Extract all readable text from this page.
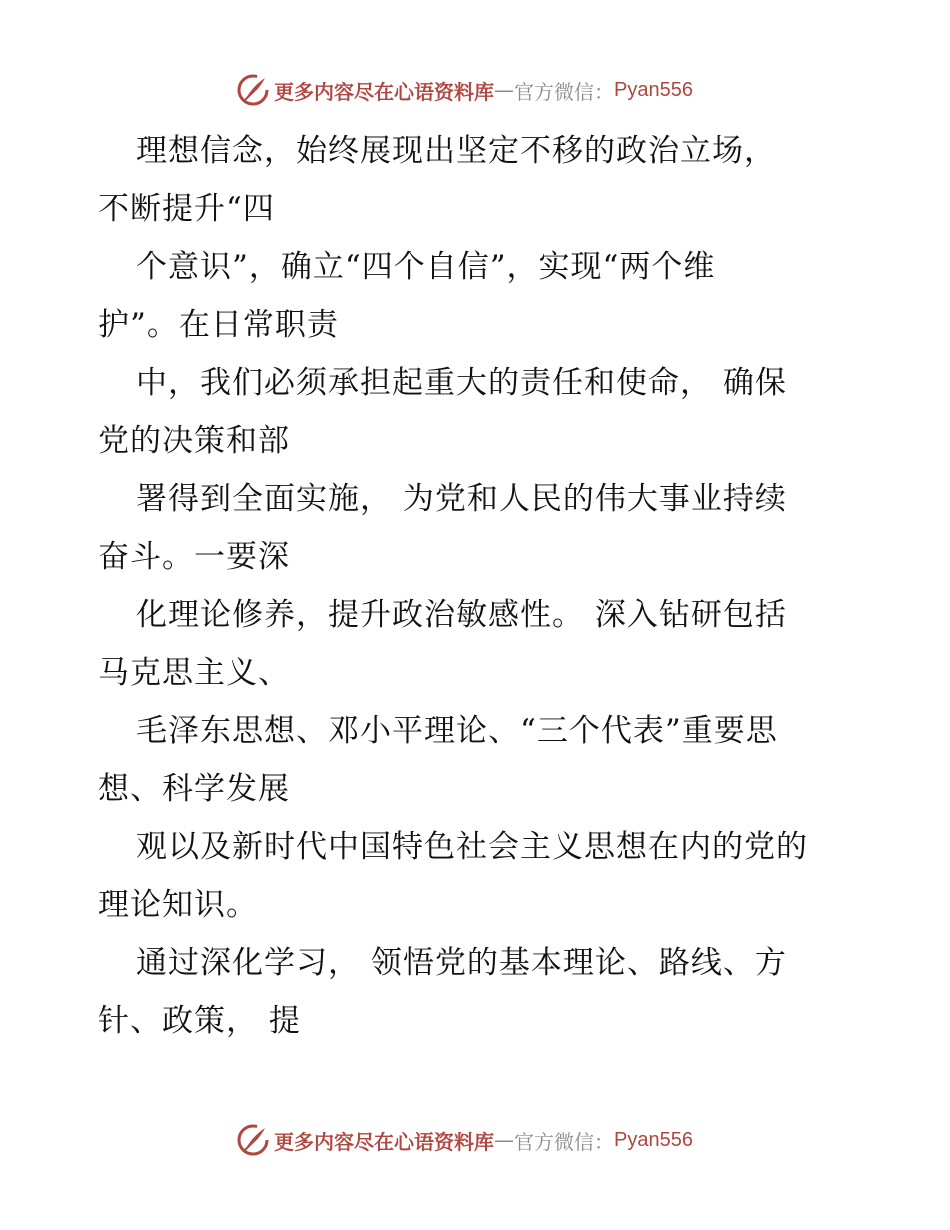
更多内容尽在心语资料库 — 官方微信： Pyan556
理想信念，始终展现出坚定不移的政治立场，
不断提升“四
个意识”，确立“四个自信”，实现“两个维
护”。在日常职责
中，我们必须承担起重大的责任和使命， 确保
党的决策和部
署得到全面实施， 为党和人民的伟大事业持续
奋斗。一要深
化理论修养，提升政治敏感性。 深入钻研包括
马克思主义、
毛泽东思想、邓小平理论、“三个代表”重要思
想、科学发展
观以及新时代中国特色社会主义思想在内的党的
理论知识。
通过深化学习， 领悟党的基本理论、路线、方
针、政策， 提
更多内容尽在心语资料库 — 官方微信： Pyan556
